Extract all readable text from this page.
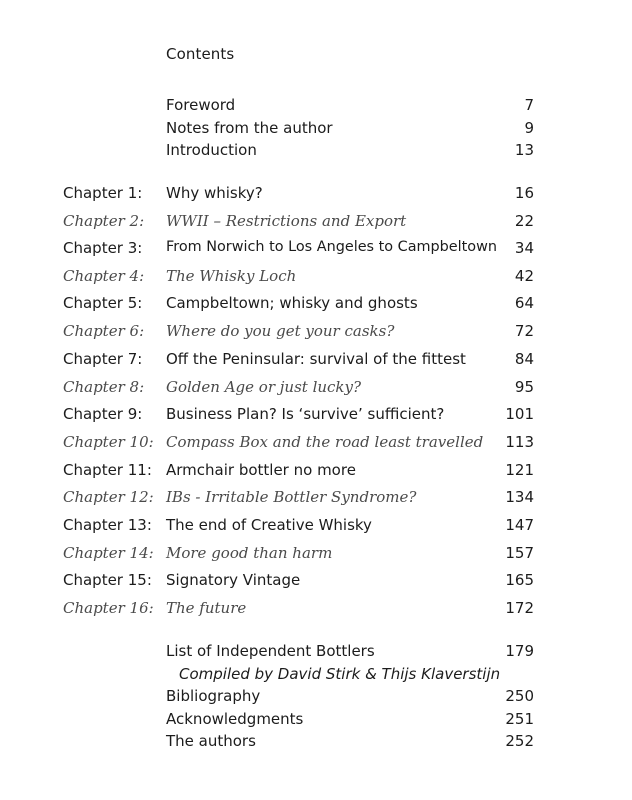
Contents
Foreword	7
Notes from the author	9
Introduction	13
Chapter 1: Why whisky?	16
Chapter 2: WWII – Restrictions and Export	22
Chapter 3: From Norwich to Los Angeles to Campbeltown 34
Chapter 4: The Whisky Loch	42
Chapter 5: Campbeltown; whisky and ghosts	64
Chapter 6: Where do you get your casks?	72
Chapter 7: Off the Peninsular: survival of the fittest	84
Chapter 8: Golden Age or just lucky?	95
Chapter 9: Business Plan? Is ‘survive’ sufficient?	101
Chapter 10: Compass Box and the road least travelled 113
Chapter 11: Armchair bottler no more	121
Chapter 12: IBs - Irritable Bottler Syndrome?	134
Chapter 13: The end of Creative Whisky	147
Chapter 14: More good than harm	157
Chapter 15: Signatory Vintage	165
Chapter 16: The future	172
List of Independent Bottlers	179
Compiled by David Stirk & Thijs Klaverstijn
Bibliography	250
Acknowledgments	251
The authors	252
